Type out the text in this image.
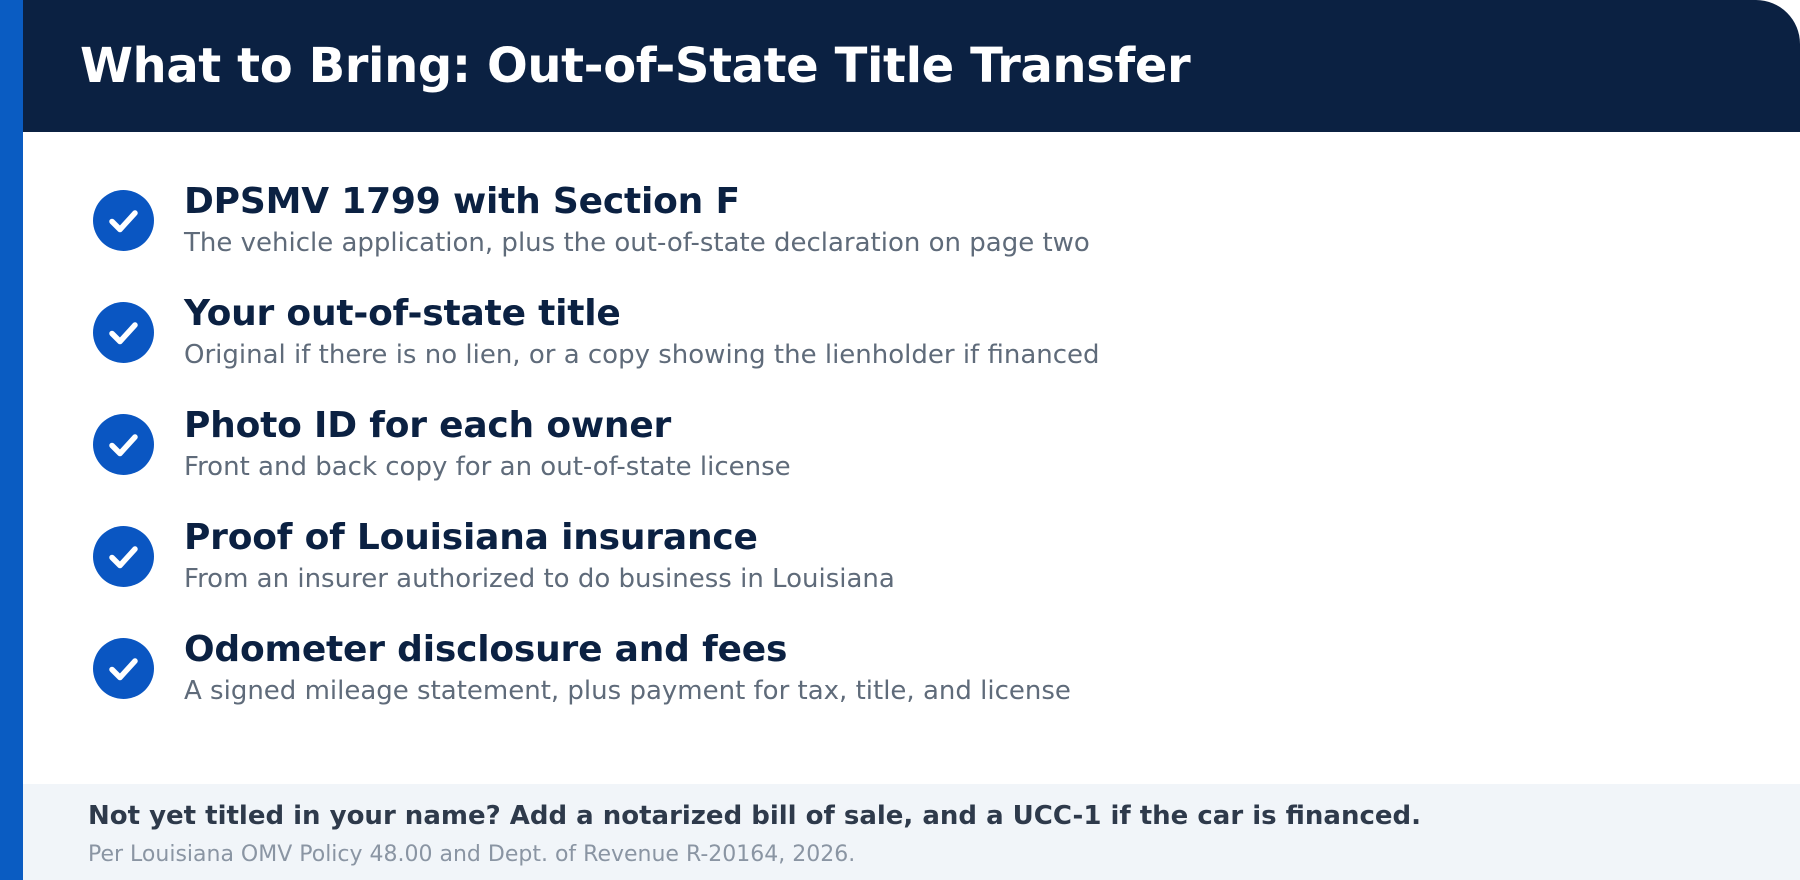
What to Bring: Out-of-State Title Transfer
DPSMV 1799 with Section F
The vehicle application, plus the out-of-state declaration on page two
Your out-of-state title
Original if there is no lien, or a copy showing the lienholder if financed
Photo ID for each owner
Front and back copy for an out-of-state license
Proof of Louisiana insurance
From an insurer authorized to do business in Louisiana
Odometer disclosure and fees
A signed mileage statement, plus payment for tax, title, and license
Not yet titled in your name? Add a notarized bill of sale, and a UCC-1 if the car is financed.
Per Louisiana OMV Policy 48.00 and Dept. of Revenue R-20164, 2026.
